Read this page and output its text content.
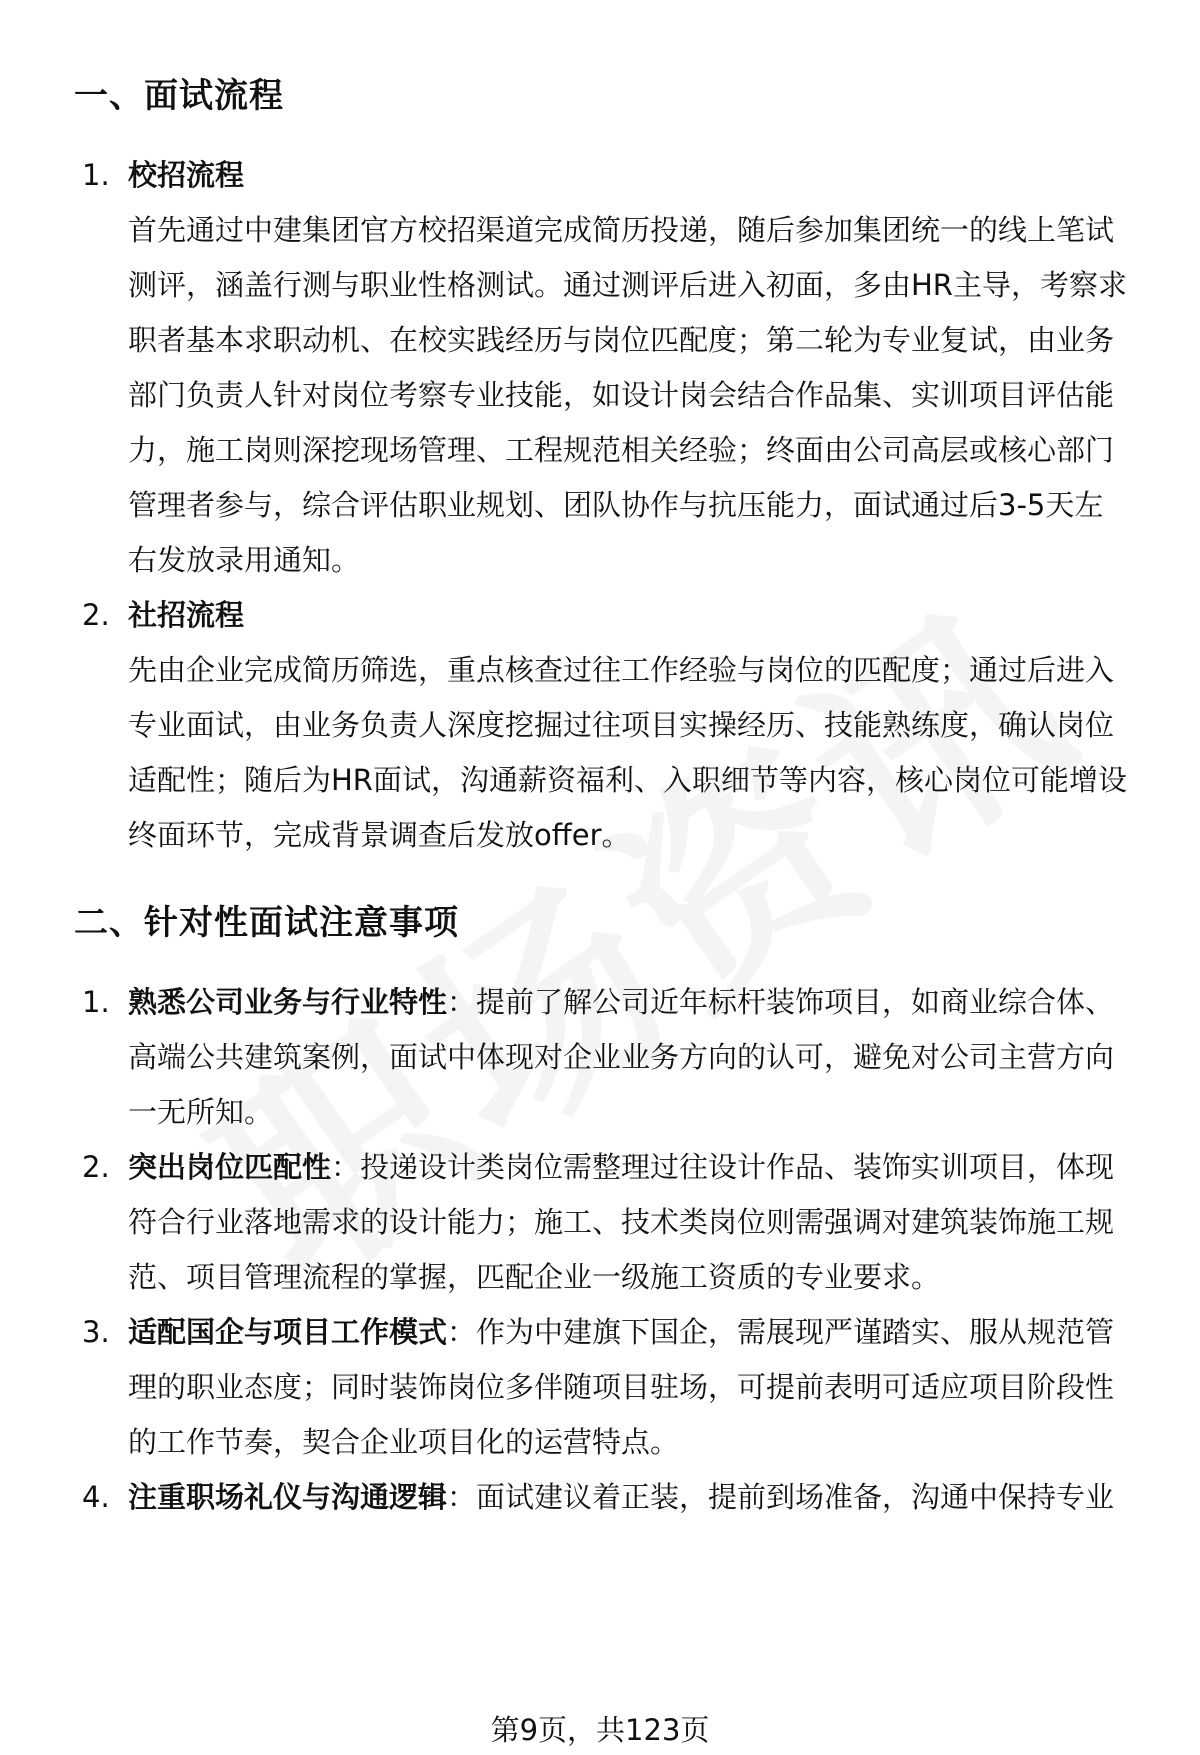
一、面试流程
1. 校招流程
首先通过中建集团官方校招渠道完成简历投递，随后参加集团统一的线上笔试
测评，涵盖行测与职业性格测试。通过测评后进入初面，多由HR主导，考察求
职者基本求职动机、在校实践经历与岗位匹配度；第二轮为专业复试，由业务
部门负责人针对岗位考察专业技能，如设计岗会结合作品集、实训项目评估能
力，施工岗则深挖现场管理、工程规范相关经验；终面由公司高层或核心部门
管理者参与，综合评估职业规划、团队协作与抗压能力，面试通过后3-5天左
右发放录用通知。
2. 社招流程
先由企业完成简历筛选，重点核查过往工作经验与岗位的匹配度；通过后进入
专业面试，由业务负责人深度挖掘过往项目实操经历、技能熟练度，确认岗位
适配性；随后为HR面试，沟通薪资福利、入职细节等内容，核心岗位可能增设
终面环节，完成背景调查后发放offer。
二、针对性面试注意事项
1. 熟悉公司业务与行业特性：提前了解公司近年标杆装饰项目，如商业综合体、
高端公共建筑案例，面试中体现对企业业务方向的认可，避免对公司主营方向
一无所知。
2. 突出岗位匹配性：投递设计类岗位需整理过往设计作品、装饰实训项目，体现
符合行业落地需求的设计能力；施工、技术类岗位则需强调对建筑装饰施工规
范、项目管理流程的掌握，匹配企业一级施工资质的专业要求。
3. 适配国企与项目工作模式：作为中建旗下国企，需展现严谨踏实、服从规范管
理的职业态度；同时装饰岗位多伴随项目驻场，可提前表明可适应项目阶段性
的工作节奏，契合企业项目化的运营特点。
4. 注重职场礼仪与沟通逻辑：面试建议着正装，提前到场准备，沟通中保持专业
第9页，共123页
